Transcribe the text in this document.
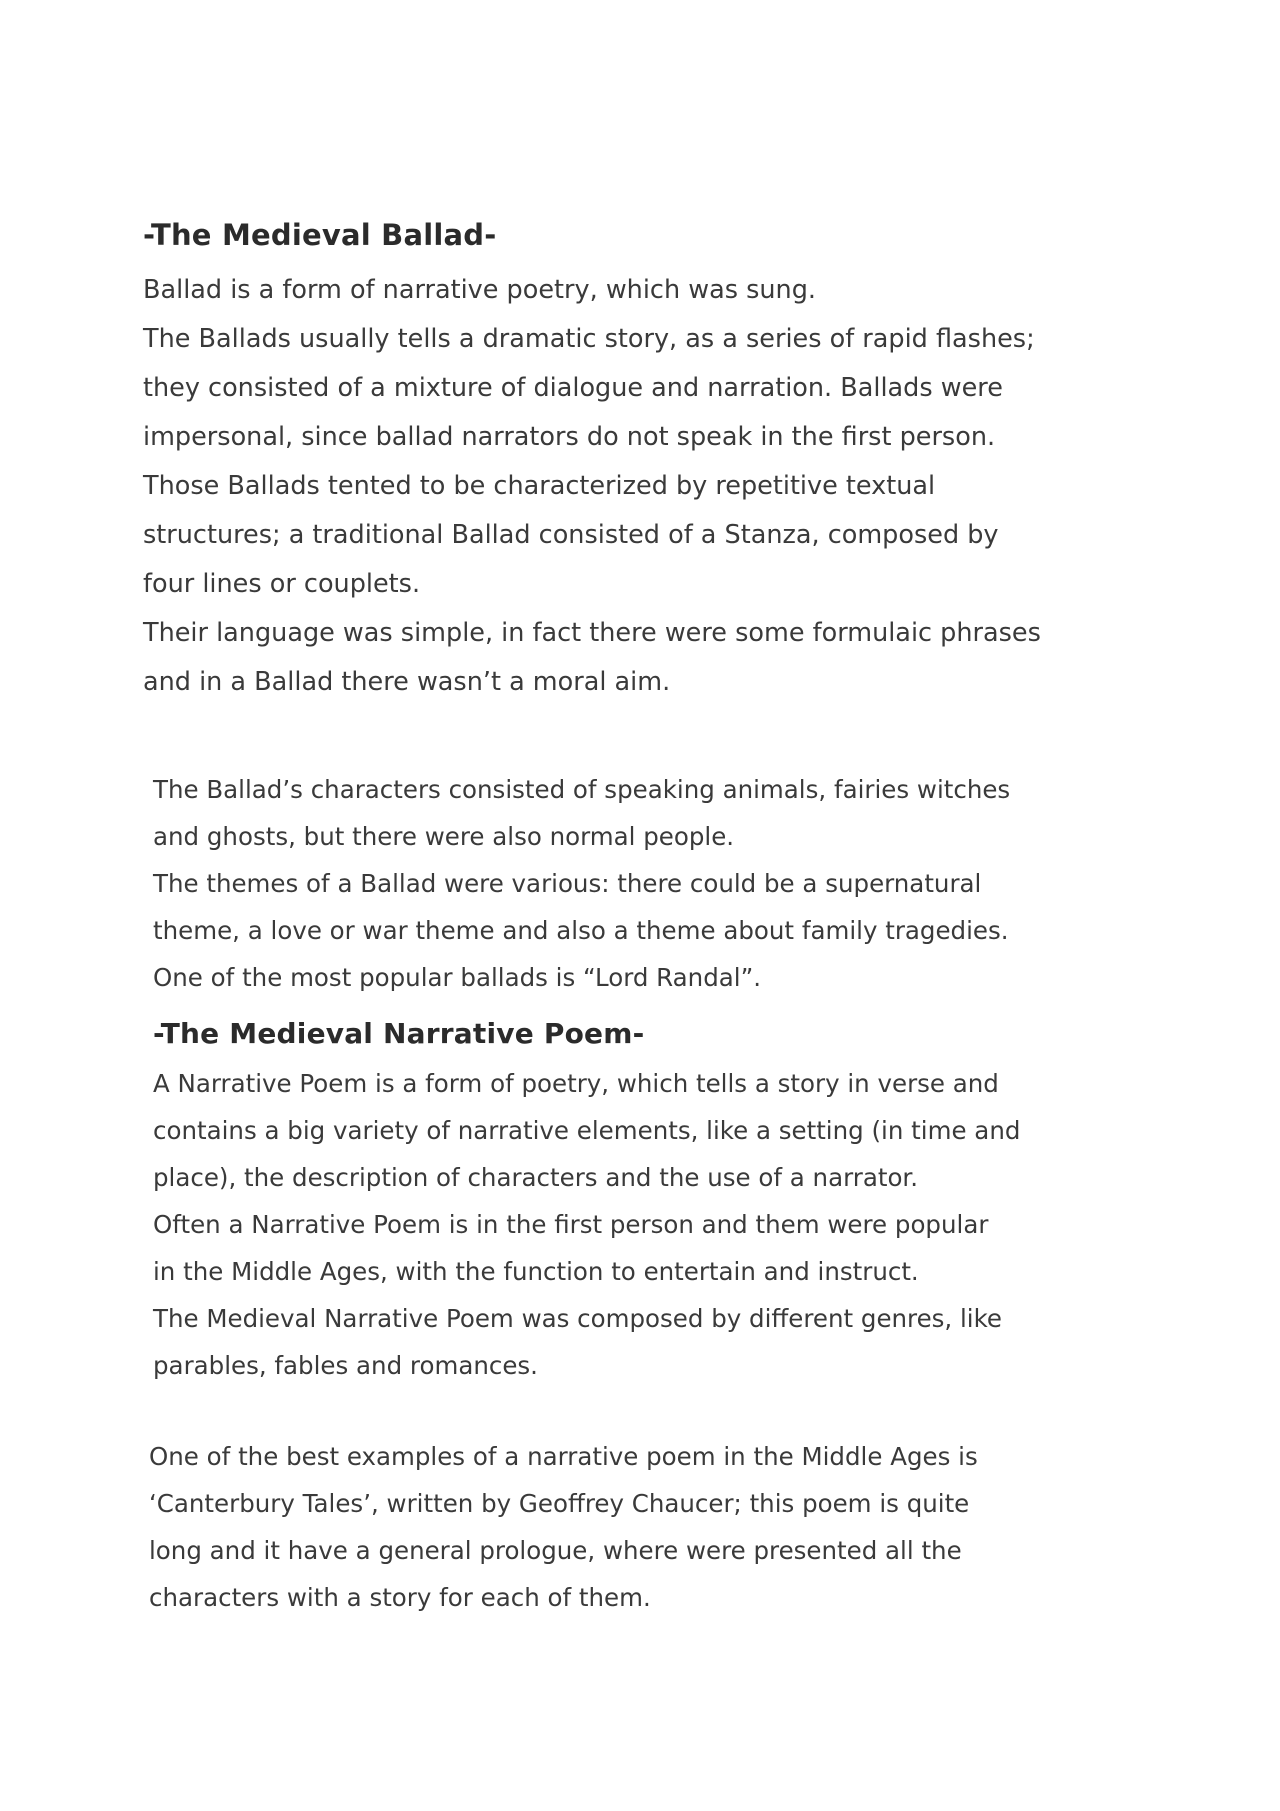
-The Medieval Ballad-
Ballad is a form of narrative poetry, which was sung.
The Ballads usually tells a dramatic story, as a series of rapid flashes;
they consisted of a mixture of dialogue and narration. Ballads were
impersonal, since ballad narrators do not speak in the first person.
Those Ballads tented to be characterized by repetitive textual
structures; a traditional Ballad consisted of a Stanza, composed by
four lines or couplets.
Their language was simple, in fact there were some formulaic phrases
and in a Ballad there wasn’t a moral aim.
The Ballad’s characters consisted of speaking animals, fairies witches
and ghosts, but there were also normal people.
The themes of a Ballad were various: there could be a supernatural
theme, a love or war theme and also a theme about family tragedies.
One of the most popular ballads is “Lord Randal”.
-The Medieval Narrative Poem-
A Narrative Poem is a form of poetry, which tells a story in verse and
contains a big variety of narrative elements, like a setting (in time and
place), the description of characters and the use of a narrator.
Often a Narrative Poem is in the first person and them were popular
in the Middle Ages, with the function to entertain and instruct.
The Medieval Narrative Poem was composed by different genres, like
parables, fables and romances.
One of the best examples of a narrative poem in the Middle Ages is
‘Canterbury Tales’, written by Geoffrey Chaucer; this poem is quite
long and it have a general prologue, where were presented all the
characters with a story for each of them.
